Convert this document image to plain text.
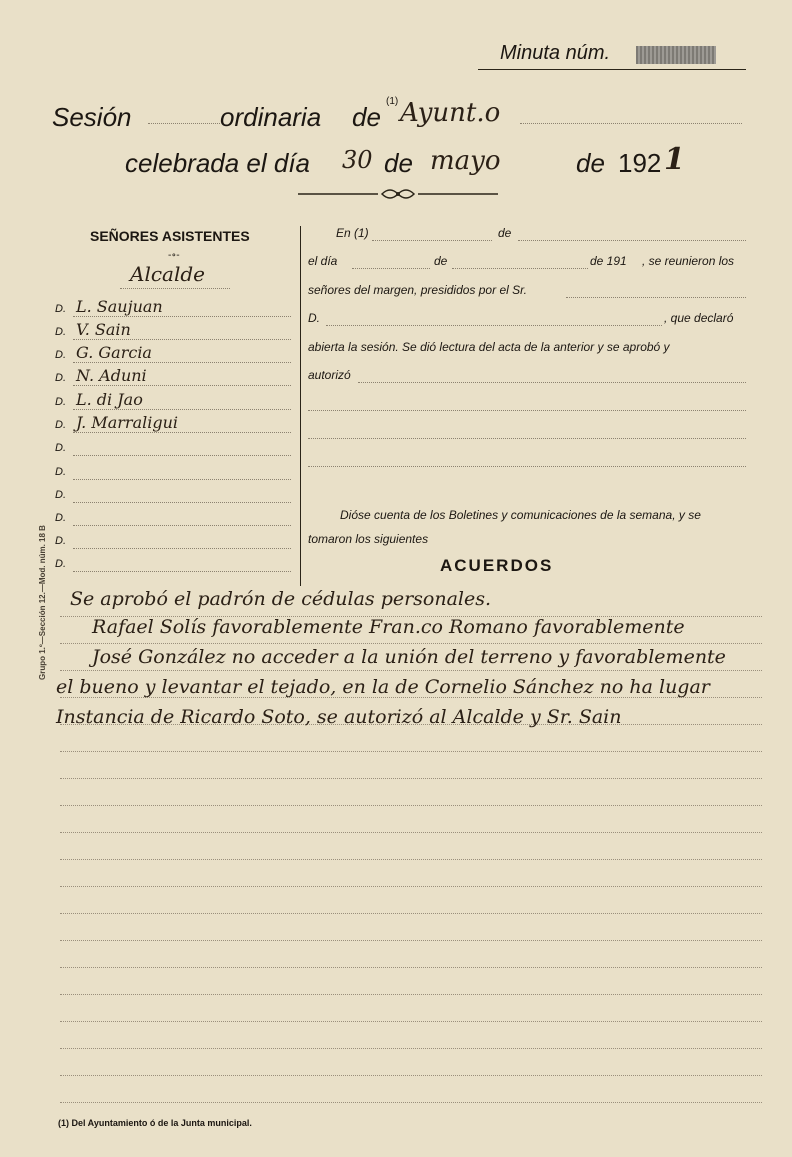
Minuta núm.
Sesión	ordinaria de
(1) Ayunt.o
celebrada el día 30 de mayo	de 192 1
SEÑORES ASISTENTES
-∘-
Alcalde
D. L. Saujuan
D. V. Sain
D. G. Garcia
D. N. Aduni
D. L. di Jao
D. J. Marraligui
D.
D.
D.
D.
D.
D.
En (1)	de
el día	de	de 191 , se reunieron los
señores del margen, presididos por el Sr.
D.	, que declaró
abierta la sesión. Se dió lectura del acta de la anterior y se aprobó y
autorizó
Dióse cuenta de los Boletines y comunicaciones de la semana, y se
tomaron los siguientes
ACUERDOS
Grupo 1.º—Sección 12.—Mod. núm. 18 B Se aprobó el padrón de cédulas personales.
Rafael Solís favorablemente Fran.co Romano favorablemente
José González no acceder a la unión del terreno y favorablemente
el bueno y levantar el tejado, en la de Cornelio Sánchez no ha lugar
Instancia de Ricardo Soto, se autorizó al Alcalde y Sr. Sain
(1) Del Ayuntamiento ó de la Junta municipal.
